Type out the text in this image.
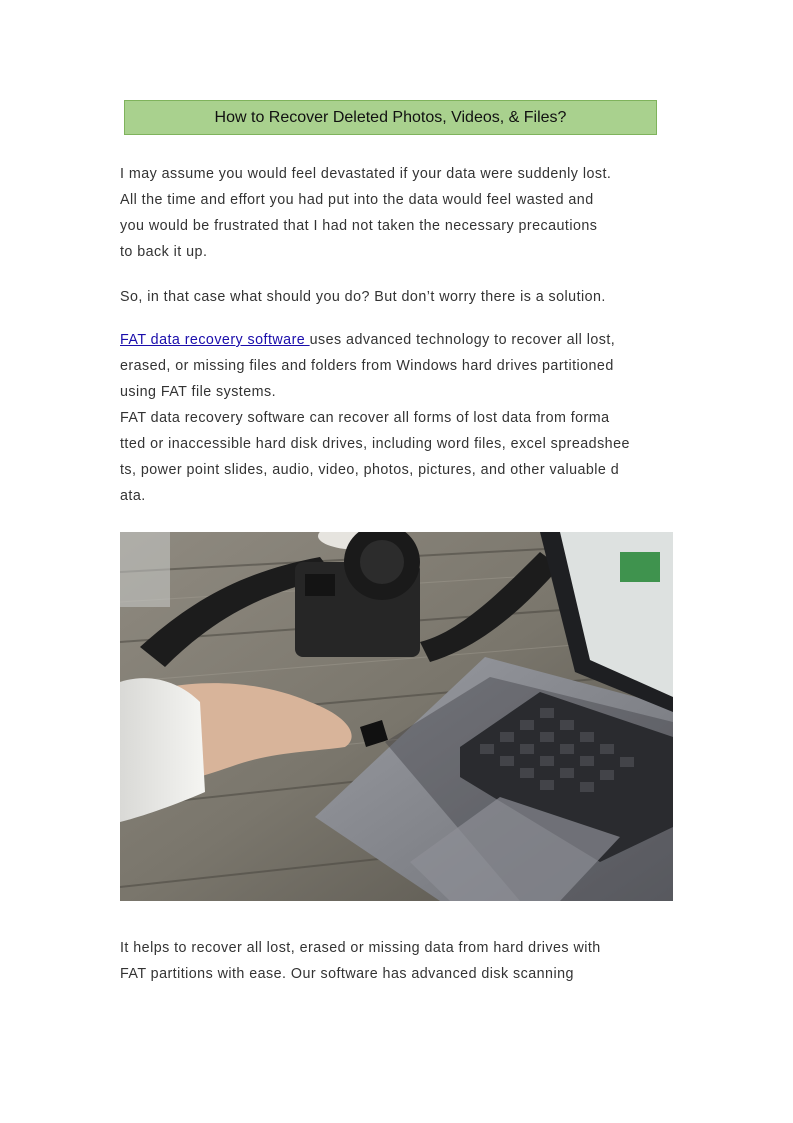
How to Recover Deleted Photos, Videos, & Files?

I may assume you would feel devastated if your data were suddenly lost.
All the time and effort you had put into the data would feel wasted and
you would be frustrated that I had not taken the necessary precautions
to back it up.

So, in that case what should you do? But don’t worry there is a solution.

FAT data recovery software uses advanced technology to recover all lost,
erased, or missing files and folders from Windows hard drives partitioned
using FAT file systems.
FAT data recovery software can recover all forms of lost data from forma
tted or inaccessible hard disk drives, including word files, excel spreadshee
ts, power point slides, audio, video, photos, pictures, and other valuable d
ata.

It helps to recover all lost, erased or missing data from hard drives with
FAT partitions with ease. Our software has advanced disk scanning
